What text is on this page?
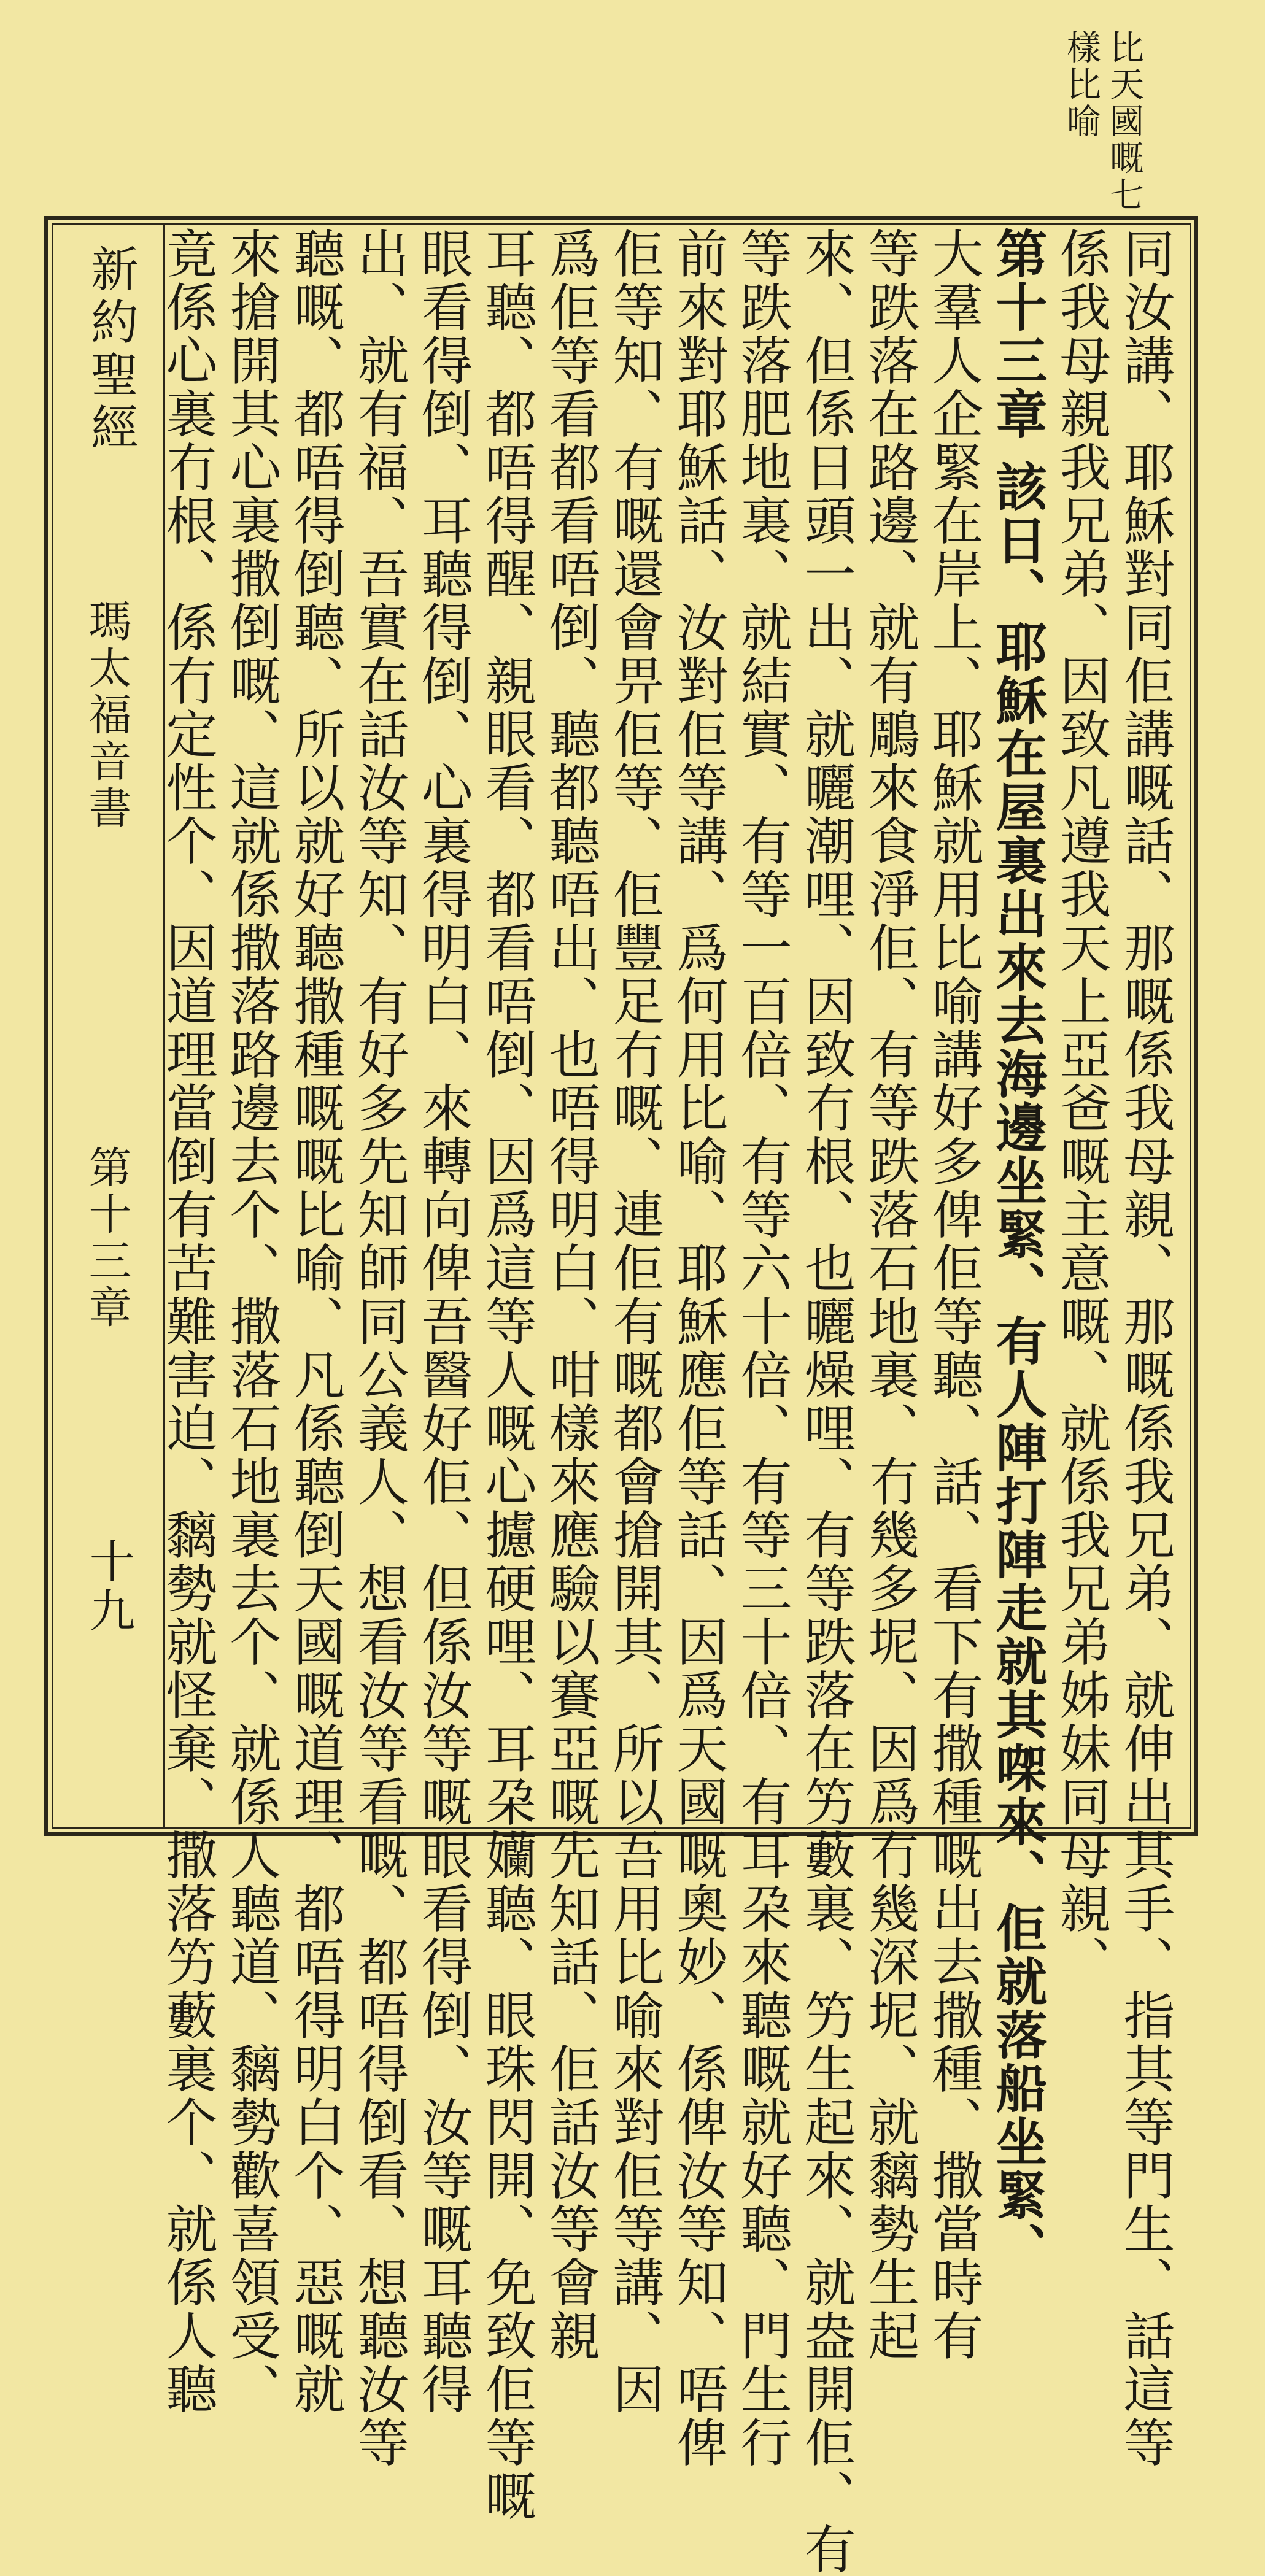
比天國嘅七
樣比喻
新約聖經
瑪太福音書
第十三章
十九	同汝講、耶穌對同佢講嘅話、那嘅係我母親、那嘅係我兄弟、就伸出其手、指其等門生、話這等
係我母親我兄弟、因致凡遵我天上亞爸嘅主意嘅、就係我兄弟姊妹同母親、
第十三章 該日、耶穌在屋裏出來去海邊坐緊、有人陣打陣走就其㗎來、佢就落船坐緊、
大羣人企緊在岸上、耶穌就用比喻講好多俾佢等聽、話、看下有撒種嘅出去撒種、撒當時有
等跌落在路邊、就有鵰來食淨佢、有等跌落石地裏、冇幾多坭、因爲冇幾深坭、就黐勢生起
來、但係日頭一出、就曬潮哩、因致冇根、也曬燥哩、有等跌落在竻藪裏、竻生起來、就盎開佢、有
等跌落肥地裏、就結實、有等一百倍、有等六十倍、有等三十倍、有耳朶來聽嘅就好聽、門生行
前來對耶穌話、汝對佢等講、爲何用比喻、耶穌應佢等話、因爲天國嘅奧妙、係俾汝等知、唔俾
佢等知、有嘅還會畀佢等、佢豐足冇嘅、連佢有嘅都會搶開其、所以吾用比喻來對佢等講、因
爲佢等看都看唔倒、聽都聽唔出、也唔得明白、咁樣來應驗以賽亞嘅先知話、佢話汝等會親
耳聽、都唔得醒、親眼看、都看唔倒、因爲這等人嘅心攄硬哩、耳朶孏聽、眼珠閃開、免致佢等嘅
眼看得倒、耳聽得倒、心裏得明白、來轉向俾吾醫好佢、但係汝等嘅眼看得倒、汝等嘅耳聽得
出、就有福、吾實在話汝等知、有好多先知師同公義人、想看汝等看嘅、都唔得倒看、想聽汝等
聽嘅、都唔得倒聽、所以就好聽撒種嘅嘅比喻、凡係聽倒天國嘅道理、都唔得明白个、惡嘅就
來搶開其心裏撒倒嘅、這就係撒落路邊去个、撒落石地裏去个、就係人聽道、黐勢歡喜領受、
竟係心裏冇根、係冇定性个、因道理當倒有苦難害迫、黐勢就怪棄、撒落竻藪裏个、就係人聽
